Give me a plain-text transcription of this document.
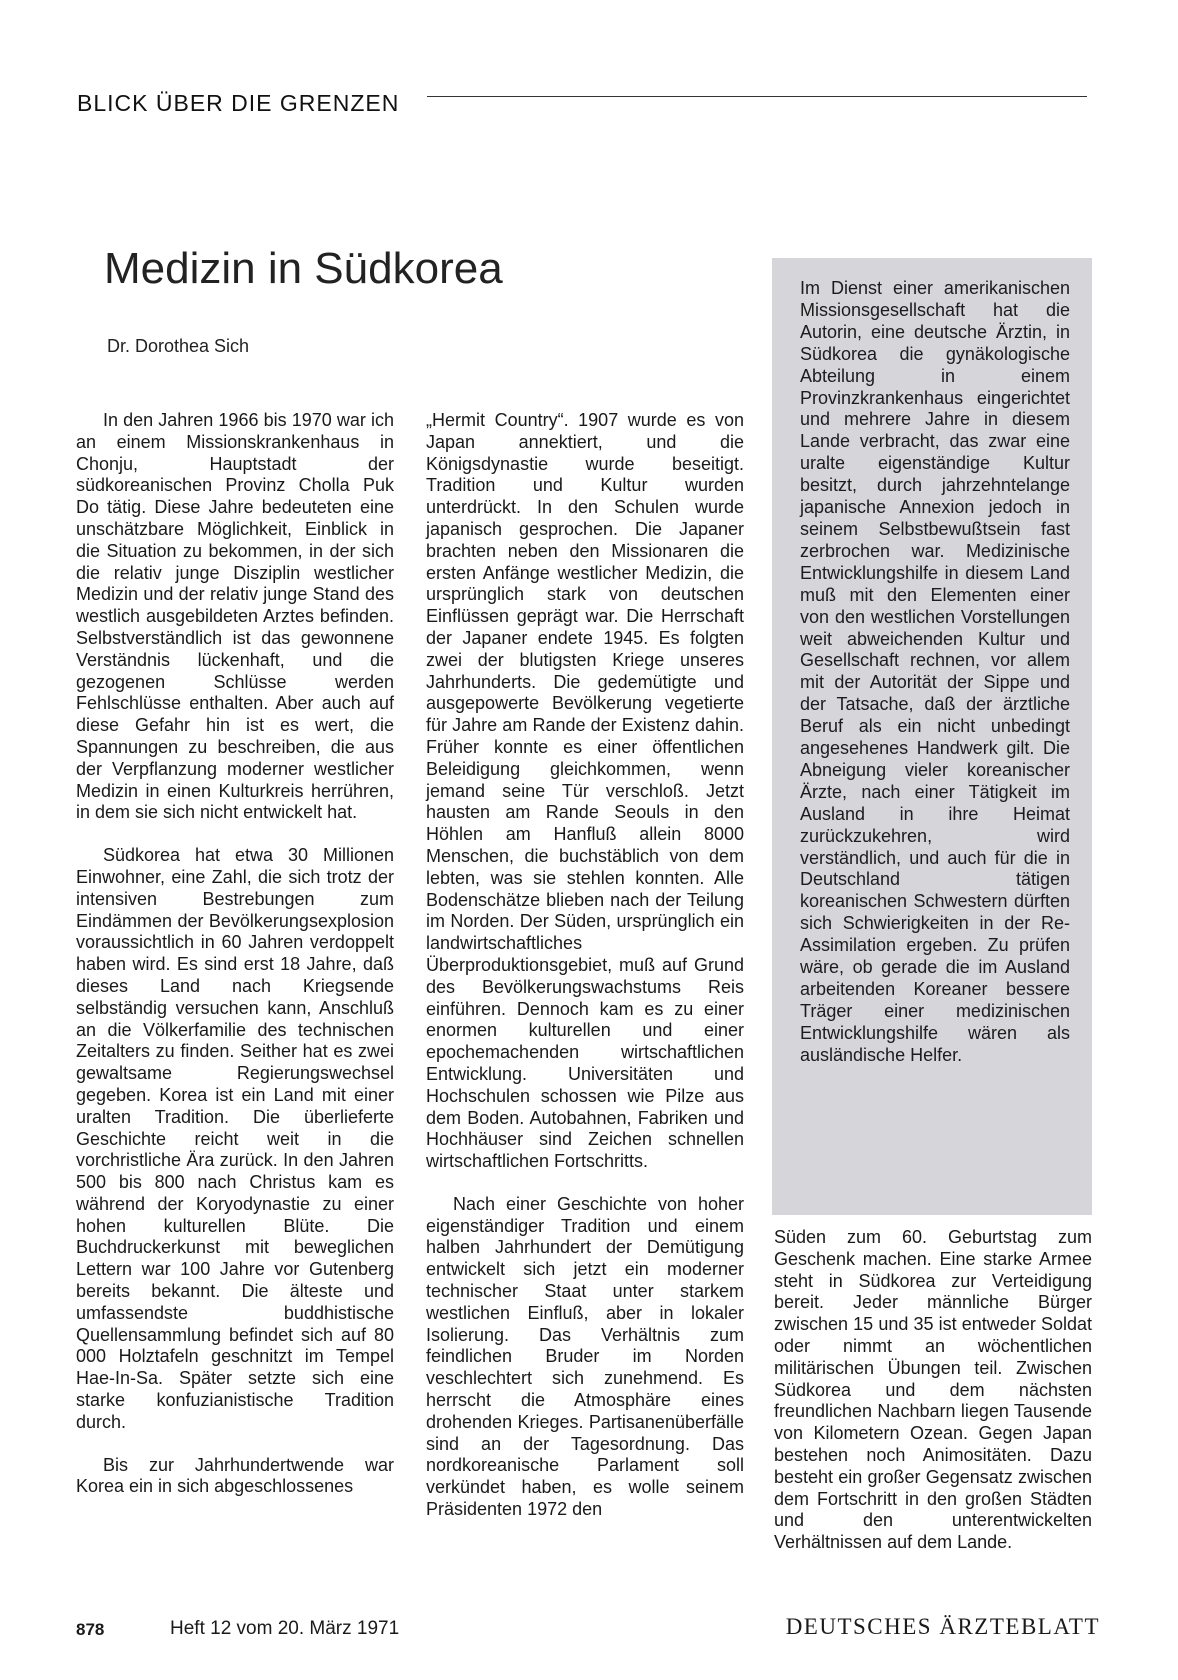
BLICK ÜBER DIE GRENZEN
Medizin in Südkorea
Dr. Dorothea Sich

In den Jahren 1966 bis 1970 war ich an einem Missionskrankenhaus in Chonju, Hauptstadt der südkoreanischen Provinz Cholla Puk Do tätig. Diese Jahre bedeuteten eine unschätzbare Möglichkeit, Einblick in die Situation zu bekommen, in der sich die relativ junge Disziplin westlicher Medizin und der relativ junge Stand des westlich ausgebildeten Arztes befinden. Selbstverständlich ist das gewonnene Verständnis lückenhaft, und die gezogenen Schlüsse werden Fehlschlüsse enthalten. Aber auch auf diese Gefahr hin ist es wert, die Spannungen zu beschreiben, die aus der Verpflanzung moderner westlicher Medizin in einen Kulturkreis herrühren, in dem sie sich nicht entwickelt hat.

Südkorea hat etwa 30 Millionen Einwohner, eine Zahl, die sich trotz der intensiven Bestrebungen zum Eindämmen der Bevölkerungsexplosion voraussichtlich in 60 Jahren verdoppelt haben wird. Es sind erst 18 Jahre, daß dieses Land nach Kriegsende selbständig versuchen kann, Anschluß an die Völkerfamilie des technischen Zeitalters zu finden. Seither hat es zwei gewaltsame Regierungswechsel gegeben. Korea ist ein Land mit einer uralten Tradition. Die überlieferte Geschichte reicht weit in die vorchristliche Ära zurück. In den Jahren 500 bis 800 nach Christus kam es während der Koryodynastie zu einer hohen kulturellen Blüte. Die Buchdruckerkunst mit beweglichen Lettern war 100 Jahre vor Gutenberg bereits bekannt. Die älteste und umfassendste buddhistische Quellensammlung befindet sich auf 80 000 Holztafeln geschnitzt im Tempel Hae-In-Sa. Später setzte sich eine starke konfuzianistische Tradition durch.

Bis zur Jahrhundertwende war Korea ein in sich abgeschlossenes

„Hermit Country“. 1907 wurde es von Japan annektiert, und die Königsdynastie wurde beseitigt. Tradition und Kultur wurden unterdrückt. In den Schulen wurde japanisch gesprochen. Die Japaner brachten neben den Missionaren die ersten Anfänge westlicher Medizin, die ursprünglich stark von deutschen Einflüssen geprägt war. Die Herrschaft der Japaner endete 1945. Es folgten zwei der blutigsten Kriege unseres Jahrhunderts. Die gedemütigte und ausgepowerte Bevölkerung vegetierte für Jahre am Rande der Existenz dahin. Früher konnte es einer öffentlichen Beleidigung gleichkommen, wenn jemand seine Tür verschloß. Jetzt hausten am Rande Seouls in den Höhlen am Hanfluß allein 8000 Menschen, die buchstäblich von dem lebten, was sie stehlen konnten. Alle Bodenschätze blieben nach der Teilung im Norden. Der Süden, ursprünglich ein landwirtschaftliches Überproduktionsgebiet, muß auf Grund des Bevölkerungswachstums Reis einführen. Dennoch kam es zu einer enormen kulturellen und einer epochemachenden wirtschaftlichen Entwicklung. Universitäten und Hochschulen schossen wie Pilze aus dem Boden. Autobahnen, Fabriken und Hochhäuser sind Zeichen schnellen wirtschaftlichen Fortschritts.

Nach einer Geschichte von hoher eigenständiger Tradition und einem halben Jahrhundert der Demütigung entwickelt sich jetzt ein moderner technischer Staat unter starkem westlichen Einfluß, aber in lokaler Isolierung. Das Verhältnis zum feindlichen Bruder im Norden veschlechtert sich zunehmend. Es herrscht die Atmosphäre eines drohenden Krieges. Partisanenüberfälle sind an der Tagesordnung. Das nordkoreanische Parlament soll verkündet haben, es wolle seinem Präsidenten 1972 den

Im Dienst einer amerikanischen Missionsgesellschaft hat die Autorin, eine deutsche Ärztin, in Südkorea die gynäkologische Abteilung in einem Provinzkrankenhaus eingerichtet und mehrere Jahre in diesem Lande verbracht, das zwar eine uralte eigenständige Kultur besitzt, durch jahrzehntelange japanische Annexion jedoch in seinem Selbstbewußtsein fast zerbrochen war. Medizinische Entwicklungshilfe in diesem Land muß mit den Elementen einer von den westlichen Vorstellungen weit abweichenden Kultur und Gesellschaft rechnen, vor allem mit der Autorität der Sippe und der Tatsache, daß der ärztliche Beruf als ein nicht unbedingt angesehenes Handwerk gilt. Die Abneigung vieler koreanischer Ärzte, nach einer Tätigkeit im Ausland in ihre Heimat zurückzukehren, wird verständlich, und auch für die in Deutschland tätigen koreanischen Schwestern dürften sich Schwierigkeiten in der Re-Assimilation ergeben. Zu prüfen wäre, ob gerade die im Ausland arbeitenden Koreaner bessere Träger einer medizinischen Entwicklungshilfe wären als ausländische Helfer.

Süden zum 60. Geburtstag zum Geschenk machen. Eine starke Armee steht in Südkorea zur Verteidigung bereit. Jeder männliche Bürger zwischen 15 und 35 ist entweder Soldat oder nimmt an wöchentlichen militärischen Übungen teil. Zwischen Südkorea und dem nächsten freundlichen Nachbarn liegen Tausende von Kilometern Ozean. Gegen Japan bestehen noch Animositäten. Dazu besteht ein großer Gegensatz zwischen dem Fortschritt in den großen Städten und den unterentwickelten Verhältnissen auf dem Lande.

878	Heft 12 vom 20. März 1971	DEUTSCHES ÄRZTEBLATT
